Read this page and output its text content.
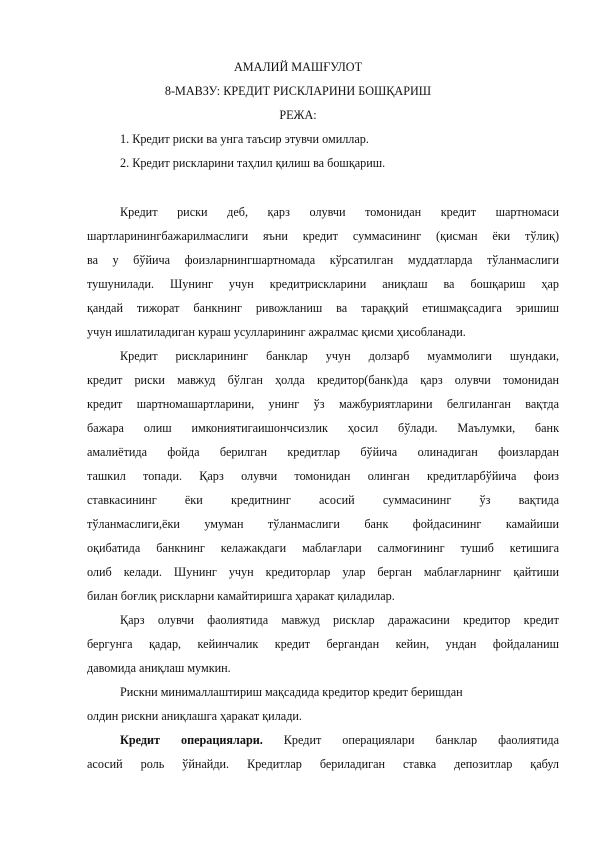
АМАЛИЙ МАШҒУЛОТ
8-МАВЗУ: КРЕДИТ РИСКЛАРИНИ БОШҚАРИШ
РЕЖА:
1. Кредит риски ва унга таъсир этувчи омиллар.
2. Кредит рискларини таҳлил қилиш ва бошқариш.
Кредит риски деб, қарз олувчи томонидан кредит шартномаси
шартларинингбажарилмаслиги яъни кредит суммасининг (қисман ёки тўлиқ)
ва у бўйича фоизларнингшартномада кўрсатилган муддатларда тўланмаслиги
тушунилади. Шунинг учун кредитрискларини аниқлаш ва бошқариш ҳар
қандай тижорат банкнинг ривожланиш ва тараққий етишмақсадига эришиш
учун ишлатиладиган кураш усулларининг ажралмас қисми ҳисобланади.
Кредит рискларининг банклар учун долзарб муаммолиги шундаки,
кредит риски мавжуд бўлган ҳолда кредитор(банк)да қарз олувчи томонидан
кредит шартномашартларини, унинг ўз мажбуриятларини белгиланган вақтда
бажара олиш имкониятигаишончсизлик ҳосил бўлади. Маълумки, банк
амалиётида фойда берилган кредитлар бўйича олинадиган фоизлардан
ташкил топади. Қарз олувчи томонидан олинган кредитларбўйича фоиз
ставкасининг ёки кредитнинг асосий суммасининг ўз вақтида
тўланмаслиги,ёки умуман тўланмаслиги банк фойдасининг камайиши
оқибатида банкнинг келажакдаги маблағлари салмоғининг тушиб кетишига
олиб келади. Шунинг учун кредиторлар улар берган маблағларнинг қайтиши
билан боғлиқ рискларни камайтиришга ҳаракат қиладилар.
Қарз олувчи фаолиятида мавжуд рисклар даражасини кредитор кредит
бергунга қадар, кейинчалик кредит бергандан кейин, ундан фойдаланиш
давомида аниқлаш мумкин.
Рискни минималлаштириш мақсадида кредитор кредит беришдан
олдин рискни аниқлашга ҳаракат қилади.
Кредит операциялари. Кредит операциялари банклар фаолиятида
асосий роль ўйнайди. Кредитлар бериладиган ставка депозитлар қабул
